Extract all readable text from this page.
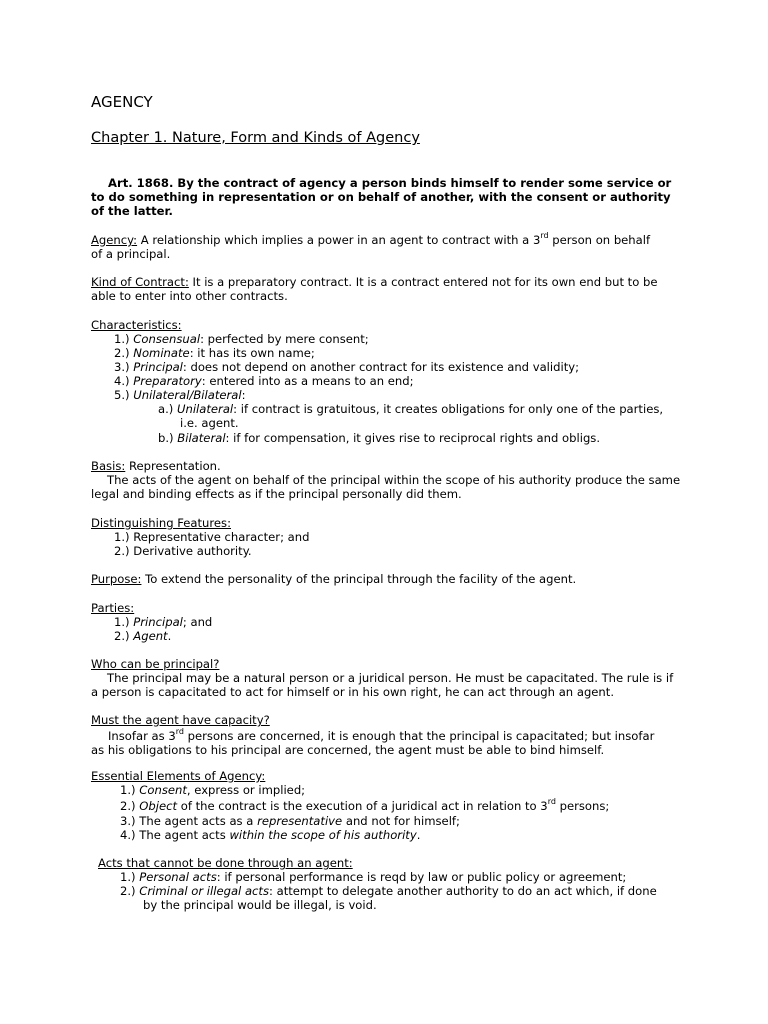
AGENCY
Chapter 1. Nature, Form and Kinds of Agency
Art. 1868. By the contract of agency a person binds himself to render some service or
to do something in representation or on behalf of another, with the consent or authority
of the latter.
Agency: A relationship which implies a power in an agent to contract with a 3rd person on behalf
of a principal.
Kind of Contract: It is a preparatory contract. It is a contract entered not for its own end but to be
able to enter into other contracts.
Characteristics:
1.) Consensual: perfected by mere consent;
2.) Nominate: it has its own name;
3.) Principal: does not depend on another contract for its existence and validity;
4.) Preparatory: entered into as a means to an end;
5.) Unilateral/Bilateral:
a.) Unilateral: if contract is gratuitous, it creates obligations for only one of the parties,
i.e. agent.
b.) Bilateral: if for compensation, it gives rise to reciprocal rights and obligs.
Basis: Representation.
The acts of the agent on behalf of the principal within the scope of his authority produce the same
legal and binding effects as if the principal personally did them.
Distinguishing Features:
1.) Representative character; and
2.) Derivative authority.
Purpose: To extend the personality of the principal through the facility of the agent.
Parties:
1.) Principal; and
2.) Agent.
Who can be principal?
The principal may be a natural person or a juridical person. He must be capacitated. The rule is if
a person is capacitated to act for himself or in his own right, he can act through an agent.
Must the agent have capacity?
Insofar as 3rd persons are concerned, it is enough that the principal is capacitated; but insofar
as his obligations to his principal are concerned, the agent must be able to bind himself.
Essential Elements of Agency:
1.) Consent, express or implied;
2.) Object of the contract is the execution of a juridical act in relation to 3rd persons;
3.) The agent acts as a representative and not for himself;
4.) The agent acts within the scope of his authority.
Acts that cannot be done through an agent:
1.) Personal acts: if personal performance is reqd by law or public policy or agreement;
2.) Criminal or illegal acts: attempt to delegate another authority to do an act which, if done
by the principal would be illegal, is void.
